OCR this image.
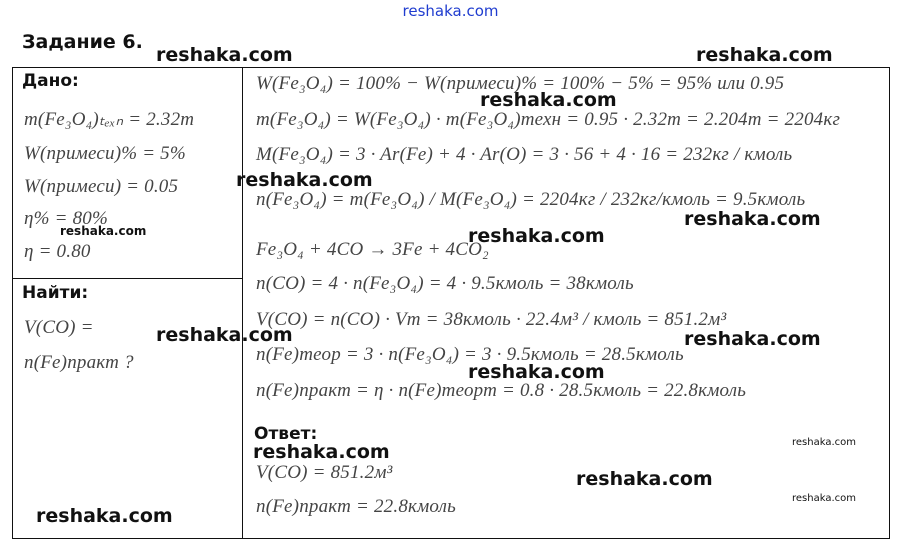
reshaka.com
Задание 6.
Дано:
m(Fe₃O₄)ₜₑₓₙ = 2.32т
W(примеси)% = 5%
W(примеси) = 0.05
η% = 80%
η = 0.80
Найти:
V(CO) =
n(Fe)практ ?
W(Fe₃O₄) = 100% − W(примеси)% = 100% − 5% = 95% или 0.95
m(Fe₃O₄) = W(Fe₃O₄) · m(Fe₃O₄)техн = 0.95 · 2.32т = 2.204т = 2204кг
M(Fe₃O₄) = 3 · Ar(Fe) + 4 · Ar(O) = 3 · 56 + 4 · 16 = 232кг / кмоль
n(Fe₃O₄) = m(Fe₃O₄) / M(Fe₃O₄) = 2204кг / 232кг/кмоль = 9.5кмоль
Fe₃O₄ + 4CO → 3Fe + 4CO₂
n(CO) = 4 · n(Fe₃O₄) = 4 · 9.5кмоль = 38кмоль
V(CO) = n(CO) · Vm = 38кмоль · 22.4м³ / кмоль = 851.2м³
n(Fe)теор = 3 · n(Fe₃O₄) = 3 · 9.5кмоль = 28.5кмоль
n(Fe)практ = η · n(Fe)теорт = 0.8 · 28.5кмоль = 22.8кмоль
Ответ:
V(CO) = 851.2м³
n(Fe)практ = 22.8кмоль
reshaka.com	reshaka.com
reshaka.com
reshaka.com
reshaka.com
reshaka.com	reshaka.com
reshaka.com	reshaka.com
reshaka.com
reshaka.com	reshaka.com
reshaka.com
reshaka.com
reshaka.com
